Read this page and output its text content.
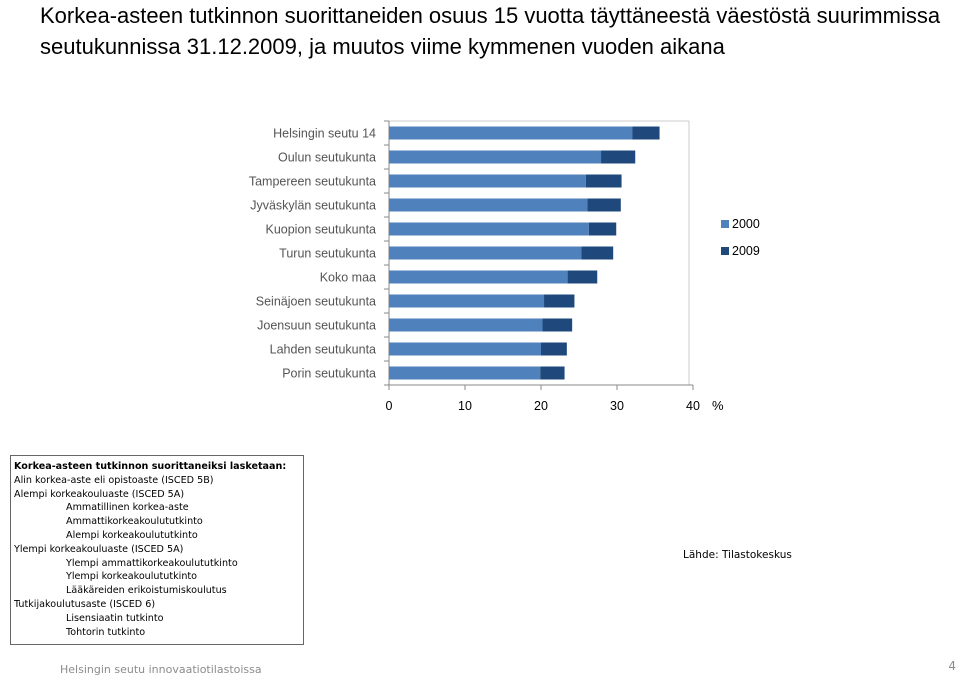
Korkea-asteen tutkinnon suorittaneiden osuus 15 vuotta täyttäneestä väestöstä suurimmissa seutukunnissa 31.12.2009, ja muutos viime kymmenen vuoden aikana
Helsingin seutu 14
Oulun seutukunta
Tampereen seutukunta
Jyväskylän seutukunta
Kuopion seutukunta
Turun seutukunta
Koko maa
Seinäjoen seutukunta
Joensuun seutukunta
Lahden seutukunta
Porin seutukunta
0	10	20	30	40 %
2000
2009
Korkea-asteen tutkinnon suorittaneiksi lasketaan:
Alin korkea-aste eli opistoaste (ISCED 5B)
Alempi korkeakouluaste (ISCED 5A)
Ammatillinen korkea-aste
Ammattikorkeakoulututkinto
Alempi korkeakoulututkinto
Ylempi korkeakouluaste (ISCED 5A)
Ylempi ammattikorkeakoulututkinto
Ylempi korkeakoulututkinto
Lääkäreiden erikoistumiskoulutus
Tutkijakoulutusaste (ISCED 6)
Lisensiaatin tutkinto
Tohtorin tutkinto
Lähde: Tilastokeskus
Helsingin seutu innovaatiotilastoissa	4
